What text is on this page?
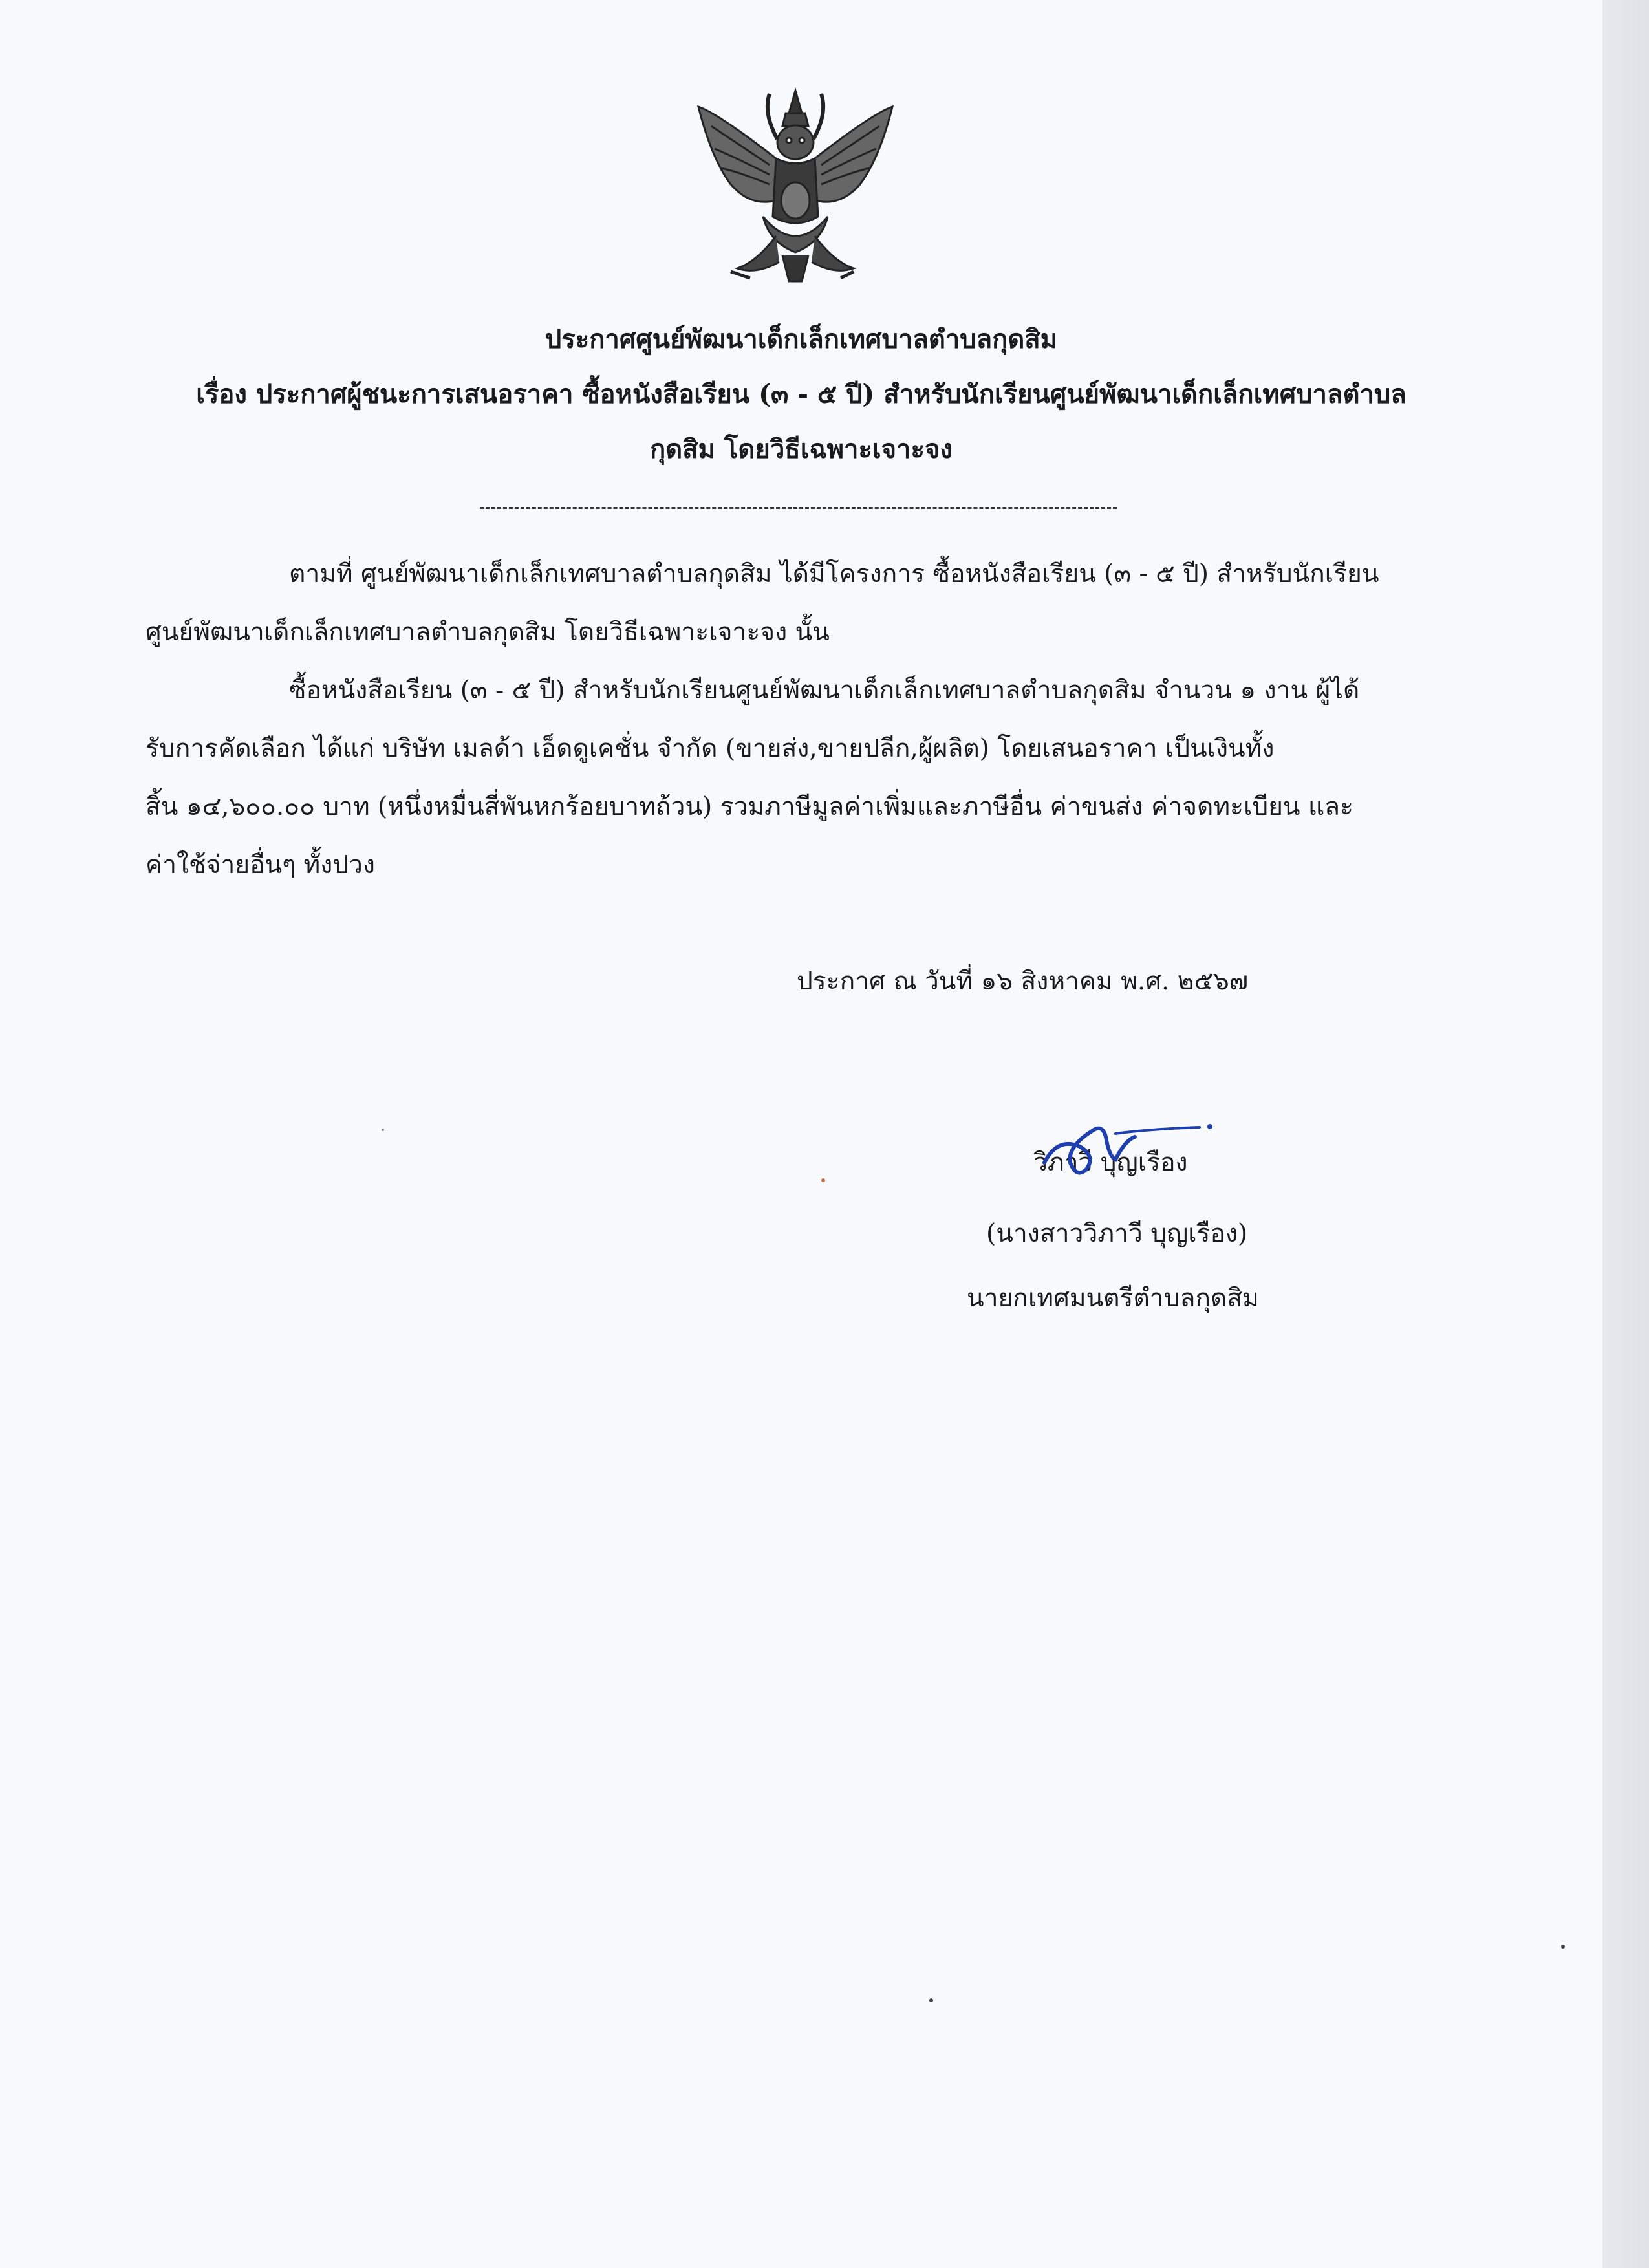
ประกาศศูนย์พัฒนาเด็กเล็กเทศบาลตำบลกุดสิม
เรื่อง ประกาศผู้ชนะการเสนอราคา ซื้อหนังสือเรียน (๓ - ๕ ปี) สำหรับนักเรียนศูนย์พัฒนาเด็กเล็กเทศบาลตำบล
กุดสิม โดยวิธีเฉพาะเจาะจง
ตามที่ ศูนย์พัฒนาเด็กเล็กเทศบาลตำบลกุดสิม ได้มีโครงการ ซื้อหนังสือเรียน (๓ - ๕ ปี) สำหรับนักเรียน
ศูนย์พัฒนาเด็กเล็กเทศบาลตำบลกุดสิม โดยวิธีเฉพาะเจาะจง นั้น
ซื้อหนังสือเรียน (๓ - ๕ ปี) สำหรับนักเรียนศูนย์พัฒนาเด็กเล็กเทศบาลตำบลกุดสิม จำนวน ๑ งาน ผู้ได้
รับการคัดเลือก ได้แก่ บริษัท เมลด้า เอ็ดดูเคชั่น จำกัด (ขายส่ง,ขายปลีก,ผู้ผลิต) โดยเสนอราคา เป็นเงินทั้ง
สิ้น ๑๔,๖๐๐.๐๐ บาท (หนึ่งหมื่นสี่พันหกร้อยบาทถ้วน) รวมภาษีมูลค่าเพิ่มและภาษีอื่น ค่าขนส่ง ค่าจดทะเบียน และ
ค่าใช้จ่ายอื่นๆ ทั้งปวง
ประกาศ ณ วันที่ ๑๖ สิงหาคม พ.ศ. ๒๕๖๗
วิภาวี บุญเรือง
(นางสาววิภาวี บุญเรือง)
นายกเทศมนตรีตำบลกุดสิม
